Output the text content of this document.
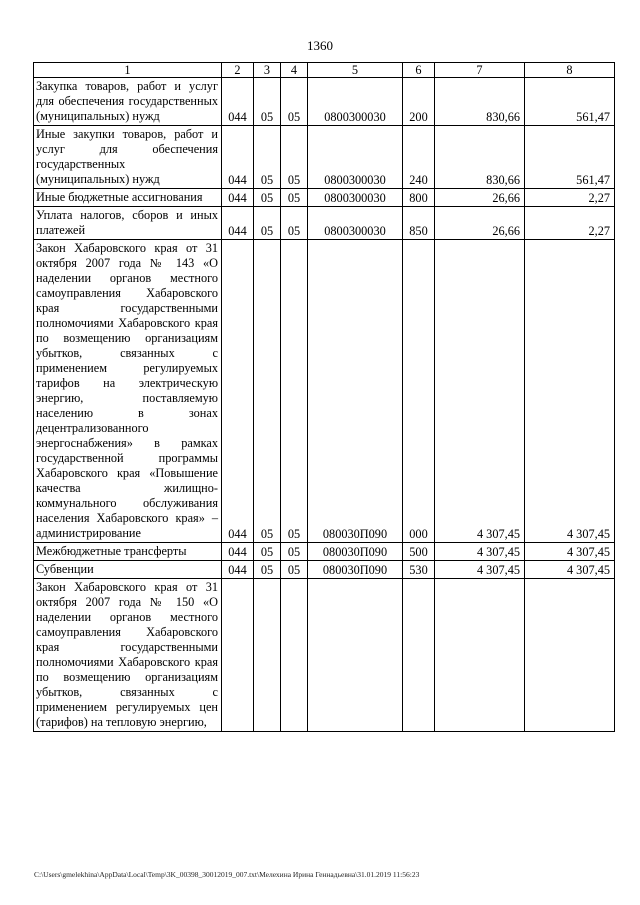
1360
1	2	3	4	5	6	7	8
Закупка товаров, работ и услуг для обеспечения государственных (муниципальных) нужд	044	05	05	0800300030	200	830,66	561,47
Иные закупки товаров, работ и услуг для обеспечения государственных (муниципальных) нужд	044	05	05	0800300030	240	830,66	561,47
Иные бюджетные ассигнования	044	05	05	0800300030	800	26,66	2,27
Уплата налогов, сборов и иных платежей	044	05	05	0800300030	850	26,66	2,27
Закон Хабаровского края от 31 октября 2007 года № 143 «О наделении органов местного самоуправления Хабаровского края государственными полномочиями Хабаровского края по возмещению организациям убытков, связанных с применением регулируемых тарифов на электрическую энергию, поставляемую населению в зонах децентрализованного энергоснабжения» в рамках государственной программы Хабаровского края «Повышение качества жилищно-коммунального обслуживания населения Хабаровского края» – администрирование	044	05	05	080030П090	000	4 307,45	4 307,45
Межбюджетные трансферты	044	05	05	080030П090	500	4 307,45	4 307,45
Субвенции	044	05	05	080030П090	530	4 307,45	4 307,45
Закон Хабаровского края от 31 октября 2007 года № 150 «О наделении органов местного самоуправления Хабаровского края государственными полномочиями Хабаровского края по возмещению организациям убытков, связанных с применением регулируемых цен (тарифов) на тепловую энергию,							
C:\Users\gmelekhina\AppData\Local\Temp\3K_00398_30012019_007.txt\Мелехина Ирина Геннадьевна\31.01.2019 11:56:23
